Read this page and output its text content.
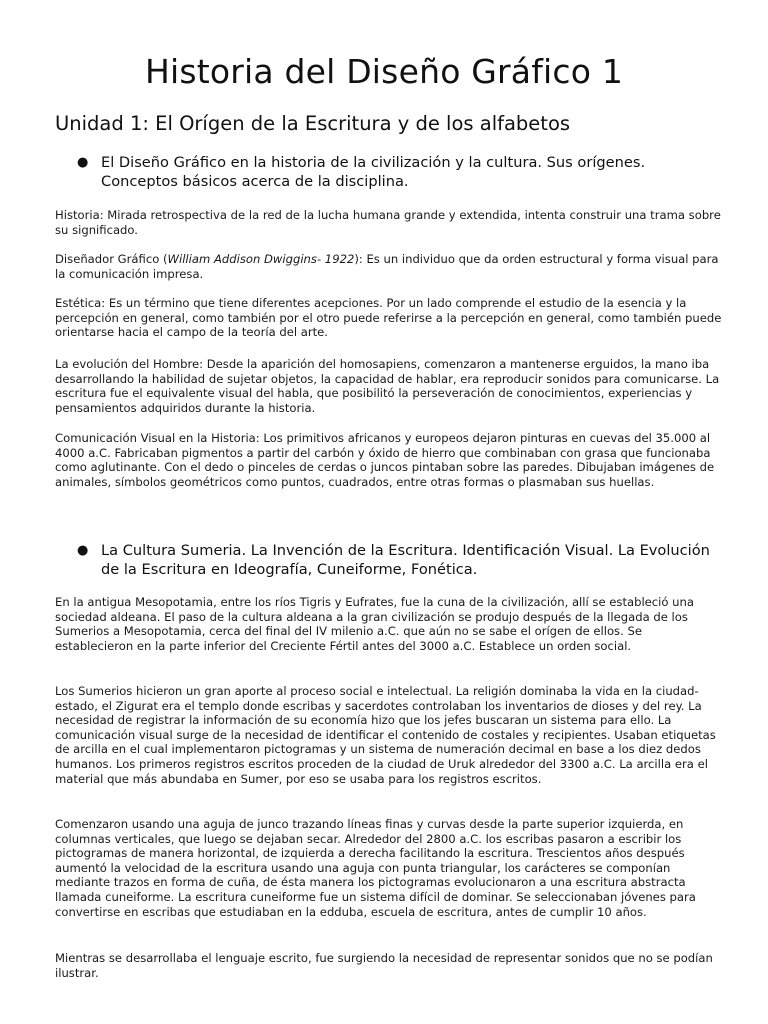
Historia del Diseño Gráfico 1
Unidad 1: El Orígen de la Escritura y de los alfabetos
● El Diseño Gráfico en la historia de la civilización y la cultura. Sus orígenes. Conceptos básicos acerca de la disciplina.
Historia: Mirada retrospectiva de la red de la lucha humana grande y extendida, intenta construir una trama sobre su significado.
Diseñador Gráfico (William Addison Dwiggins- 1922): Es un individuo que da orden estructural y forma visual para la comunicación impresa.
Estética: Es un término que tiene diferentes acepciones. Por un lado comprende el estudio de la esencia y la percepción en general, como también por el otro puede referirse a la percepción en general, como también puede orientarse hacia el campo de la teoría del arte.
La evolución del Hombre: Desde la aparición del homosapiens, comenzaron a mantenerse erguidos, la mano iba desarrollando la habilidad de sujetar objetos, la capacidad de hablar, era reproducir sonidos para comunicarse. La escritura fue el equivalente visual del habla, que posibilitó la perseveración de conocimientos, experiencias y pensamientos adquiridos durante la historia.
Comunicación Visual en la Historia: Los primitivos africanos y europeos dejaron pinturas en cuevas del 35.000 al 4000 a.C. Fabricaban pigmentos a partir del carbón y óxido de hierro que combinaban con grasa que funcionaba como aglutinante. Con el dedo o pinceles de cerdas o juncos pintaban sobre las paredes. Dibujaban imágenes de animales, símbolos geométricos como puntos, cuadrados, entre otras formas o plasmaban sus huellas.
● La Cultura Sumeria. La Invención de la Escritura. Identificación Visual. La Evolución de la Escritura en Ideografía, Cuneiforme, Fonética.
En la antigua Mesopotamia, entre los ríos Tigris y Eufrates, fue la cuna de la civilización, allí se estableció una sociedad aldeana. El paso de la cultura aldeana a la gran civilización se produjo después de la llegada de los Sumerios a Mesopotamia, cerca del final del IV milenio a.C. que aún no se sabe el orígen de ellos. Se establecieron en la parte inferior del Creciente Fértil antes del 3000 a.C. Establece un orden social.
Los Sumerios hicieron un gran aporte al proceso social e intelectual. La religión dominaba la vida en la ciudad-estado, el Zigurat era el templo donde escribas y sacerdotes controlaban los inventarios de dioses y del rey. La necesidad de registrar la información de su economía hizo que los jefes buscaran un sistema para ello. La comunicación visual surge de la necesidad de identificar el contenido de costales y recipientes. Usaban etiquetas de arcilla en el cual implementaron pictogramas y un sistema de numeración decimal en base a los diez dedos humanos. Los primeros registros escritos proceden de la ciudad de Uruk alrededor del 3300 a.C. La arcilla era el material que más abundaba en Sumer, por eso se usaba para los registros escritos.
Comenzaron usando una aguja de junco trazando líneas finas y curvas desde la parte superior izquierda, en columnas verticales, que luego se dejaban secar. Alrededor del 2800 a.C. los escribas pasaron a escribir los pictogramas de manera horizontal, de izquierda a derecha facilitando la escritura. Trescientos años después aumentó la velocidad de la escritura usando una aguja con punta triangular, los carácteres se componían mediante trazos en forma de cuña, de ésta manera los pictogramas evolucionaron a una escritura abstracta llamada cuneiforme. La escritura cuneiforme fue un sistema difícil de dominar. Se seleccionaban jóvenes para convertirse en escribas que estudiaban en la edduba, escuela de escritura, antes de cumplir 10 años.
Mientras se desarrollaba el lenguaje escrito, fue surgiendo la necesidad de representar sonidos que no se podían ilustrar.
